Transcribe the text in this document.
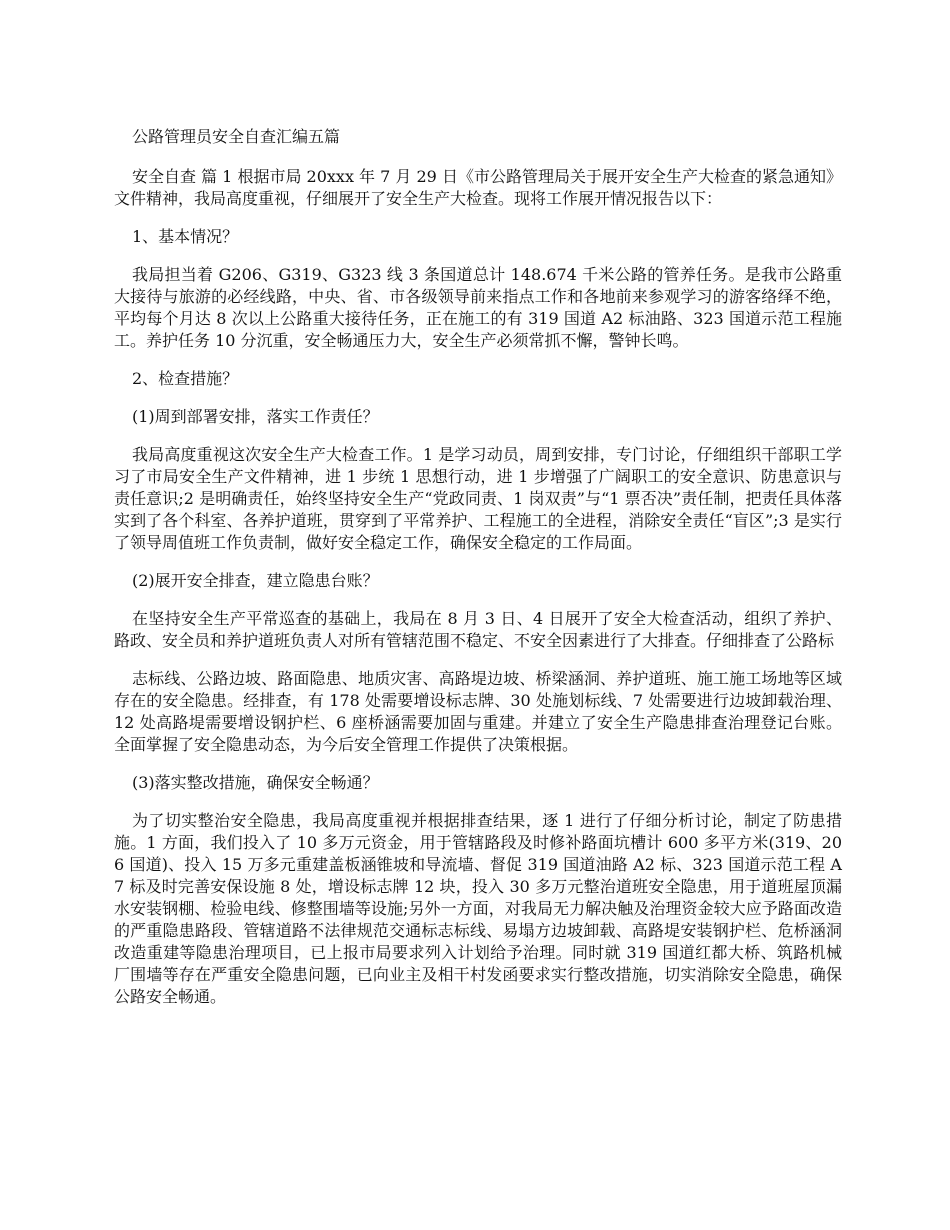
公路管理员安全自查汇编五篇

安全自查 篇 1 根据市局 20xxx 年 7 月 29 日《市公路管理局关于展开安全生产大检查的紧急通知》文件精神，我局高度重视，仔细展开了安全生产大检查。现将工作展开情况报告以下：

1、基本情况？

我局担当着 G206、G319、G323 线 3 条国道总计 148.674 千米公路的管养任务。是我市公路重大接待与旅游的必经线路，中央、省、市各级领导前来指点工作和各地前来参观学习的游客络绎不绝，平均每个月达 8 次以上公路重大接待任务，正在施工的有 319 国道 A2 标油路、323 国道示范工程施工。养护任务 10 分沉重，安全畅通压力大，安全生产必须常抓不懈，警钟长鸣。

2、检查措施？

(1)周到部署安排，落实工作责任？

我局高度重视这次安全生产大检查工作。1 是学习动员，周到安排，专门讨论，仔细组织干部职工学习了市局安全生产文件精神，进 1 步统 1 思想行动，进 1 步增强了广阔职工的安全意识、防患意识与责任意识;2 是明确责任，始终坚持安全生产“党政同责、1 岗双责”与“1 票否决”责任制，把责任具体落实到了各个科室、各养护道班，贯穿到了平常养护、工程施工的全进程，消除安全责任“盲区”;3 是实行了领导周值班工作负责制，做好安全稳定工作，确保安全稳定的工作局面。

(2)展开安全排查，建立隐患台账？

在坚持安全生产平常巡查的基础上，我局在 8 月 3 日、4 日展开了安全大检查活动，组织了养护、路政、安全员和养护道班负责人对所有管辖范围不稳定、不安全因素进行了大排查。仔细排查了公路标

志标线、公路边坡、路面隐患、地质灾害、高路堤边坡、桥梁涵洞、养护道班、施工施工场地等区域存在的安全隐患。经排查，有 178 处需要增设标志牌、30 处施划标线、7 处需要进行边坡卸载治理、12 处高路堤需要增设钢护栏、6 座桥涵需要加固与重建。并建立了安全生产隐患排查治理登记台账。全面掌握了安全隐患动态，为今后安全管理工作提供了决策根据。

(3)落实整改措施，确保安全畅通？

为了切实整治安全隐患，我局高度重视并根据排查结果，逐 1 进行了仔细分析讨论，制定了防患措施。1 方面，我们投入了 10 多万元资金，用于管辖路段及时修补路面坑槽计 600 多平方米(319、206 国道)、投入 15 万多元重建盖板涵锥坡和导流墙、督促 319 国道油路 A2 标、323 国道示范工程 A7 标及时完善安保设施 8 处，增设标志牌 12 块，投入 30 多万元整治道班安全隐患，用于道班屋顶漏水安装钢棚、检验电线、修整围墙等设施;另外一方面，对我局无力解决触及治理资金较大应予路面改造的严重隐患路段、管辖道路不法律规范交通标志标线、易塌方边坡卸载、高路堤安装钢护栏、危桥涵洞改造重建等隐患治理项目，已上报市局要求列入计划给予治理。同时就 319 国道红都大桥、筑路机械厂围墙等存在严重安全隐患问题，已向业主及相干村发函要求实行整改措施，切实消除安全隐患，确保公路安全畅通。
